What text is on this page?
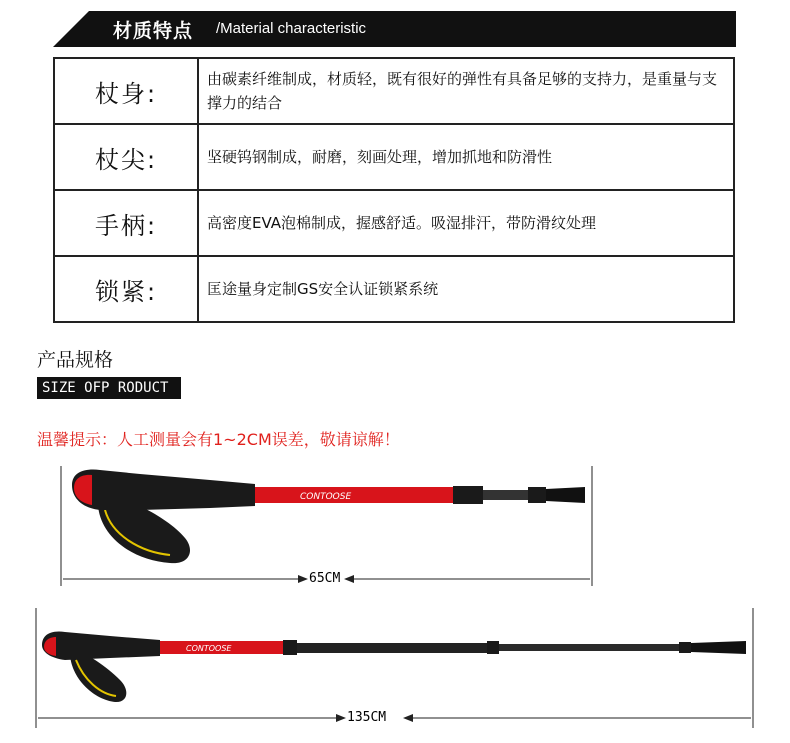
材质特点 /Material characteristic
杖身:	由碳素纤维制成，材质轻，既有很好的弹性有具备足够的支持力，是重量与支撑力的结合
杖尖:	坚硬钨钢制成，耐磨，刻画处理，增加抓地和防滑性
手柄:	高密度EVA泡棉制成，握感舒适。吸湿排汗，带防滑纹处理
锁紧:	匡途量身定制GS安全认证锁紧系统
产品规格
SIZE OFP RODUCT
温馨提示：人工测量会有1~2CM误差，敬请谅解！
CONTOOSE
CONTOOSE
65CM
135CM
